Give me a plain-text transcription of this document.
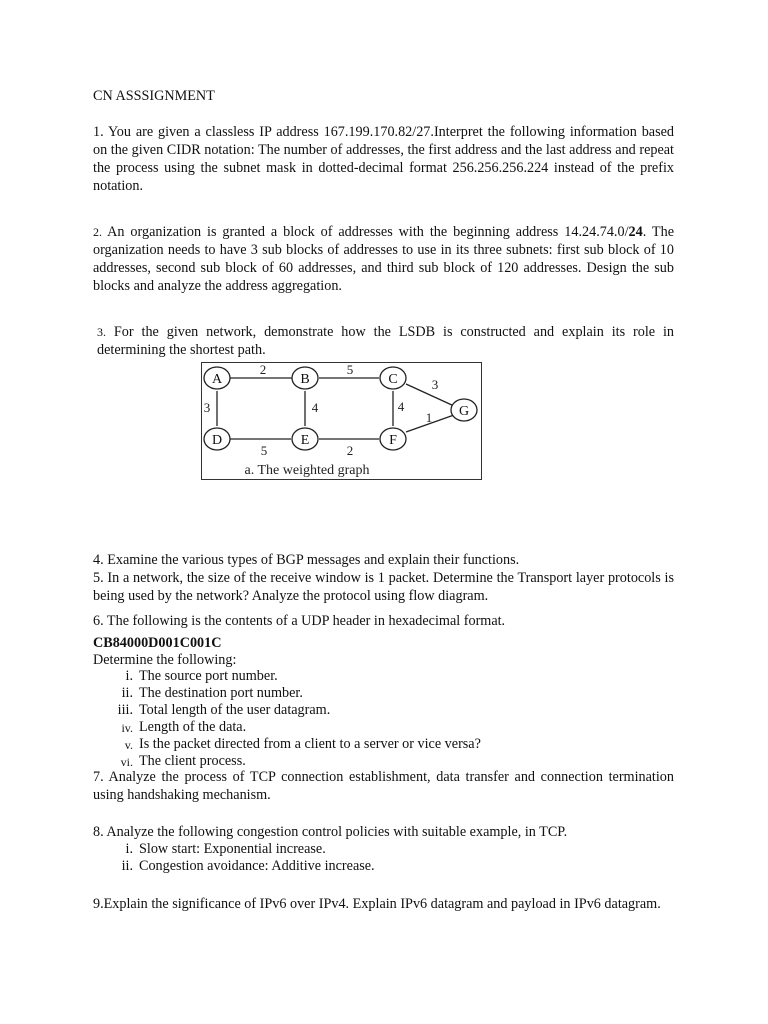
CN ASSSIGNMENT

1. You are given a classless IP address 167.199.170.82/27.Interpret the following information based on the given CIDR notation: The number of addresses, the first address and the last address and repeat the process using the subnet mask in dotted-decimal format 256.256.256.224 instead of the prefix notation.

2. An organization is granted a block of addresses with the beginning address 14.24.74.0/24. The organization needs to have 3 sub blocks of addresses to use in its three subnets: first sub block of 10 addresses, second sub block of 60 addresses, and third sub block of 120 addresses. Design the sub blocks and analyze the address aggregation.

3. For the given network, demonstrate how the LSDB is constructed and explain its role in determining the shortest path.

2	5
3	4	4
3
1
5	2
A	B	C
D	E	F
G
a. The weighted graph

4. Examine the various types of BGP messages and explain their functions.

5. In a network, the size of the receive window is 1 packet. Determine the Transport layer protocols is being used by the network? Analyze the protocol using flow diagram.

6. The following is the contents of a UDP header in hexadecimal format.

CB84000D001C001C

Determine the following:

i. The source port number.
ii. The destination port number.
iii. Total length of the user datagram.
iv. Length of the data.
v. Is the packet directed from a client to a server or vice versa?
vi. The client process.

7. Analyze the process of TCP connection establishment, data transfer and connection termination using handshaking mechanism.

8. Analyze the following congestion control policies with suitable example, in TCP.

i. Slow start: Exponential increase.
ii. Congestion avoidance: Additive increase.

9.Explain the significance of IPv6 over IPv4. Explain IPv6 datagram and payload in IPv6 datagram.
